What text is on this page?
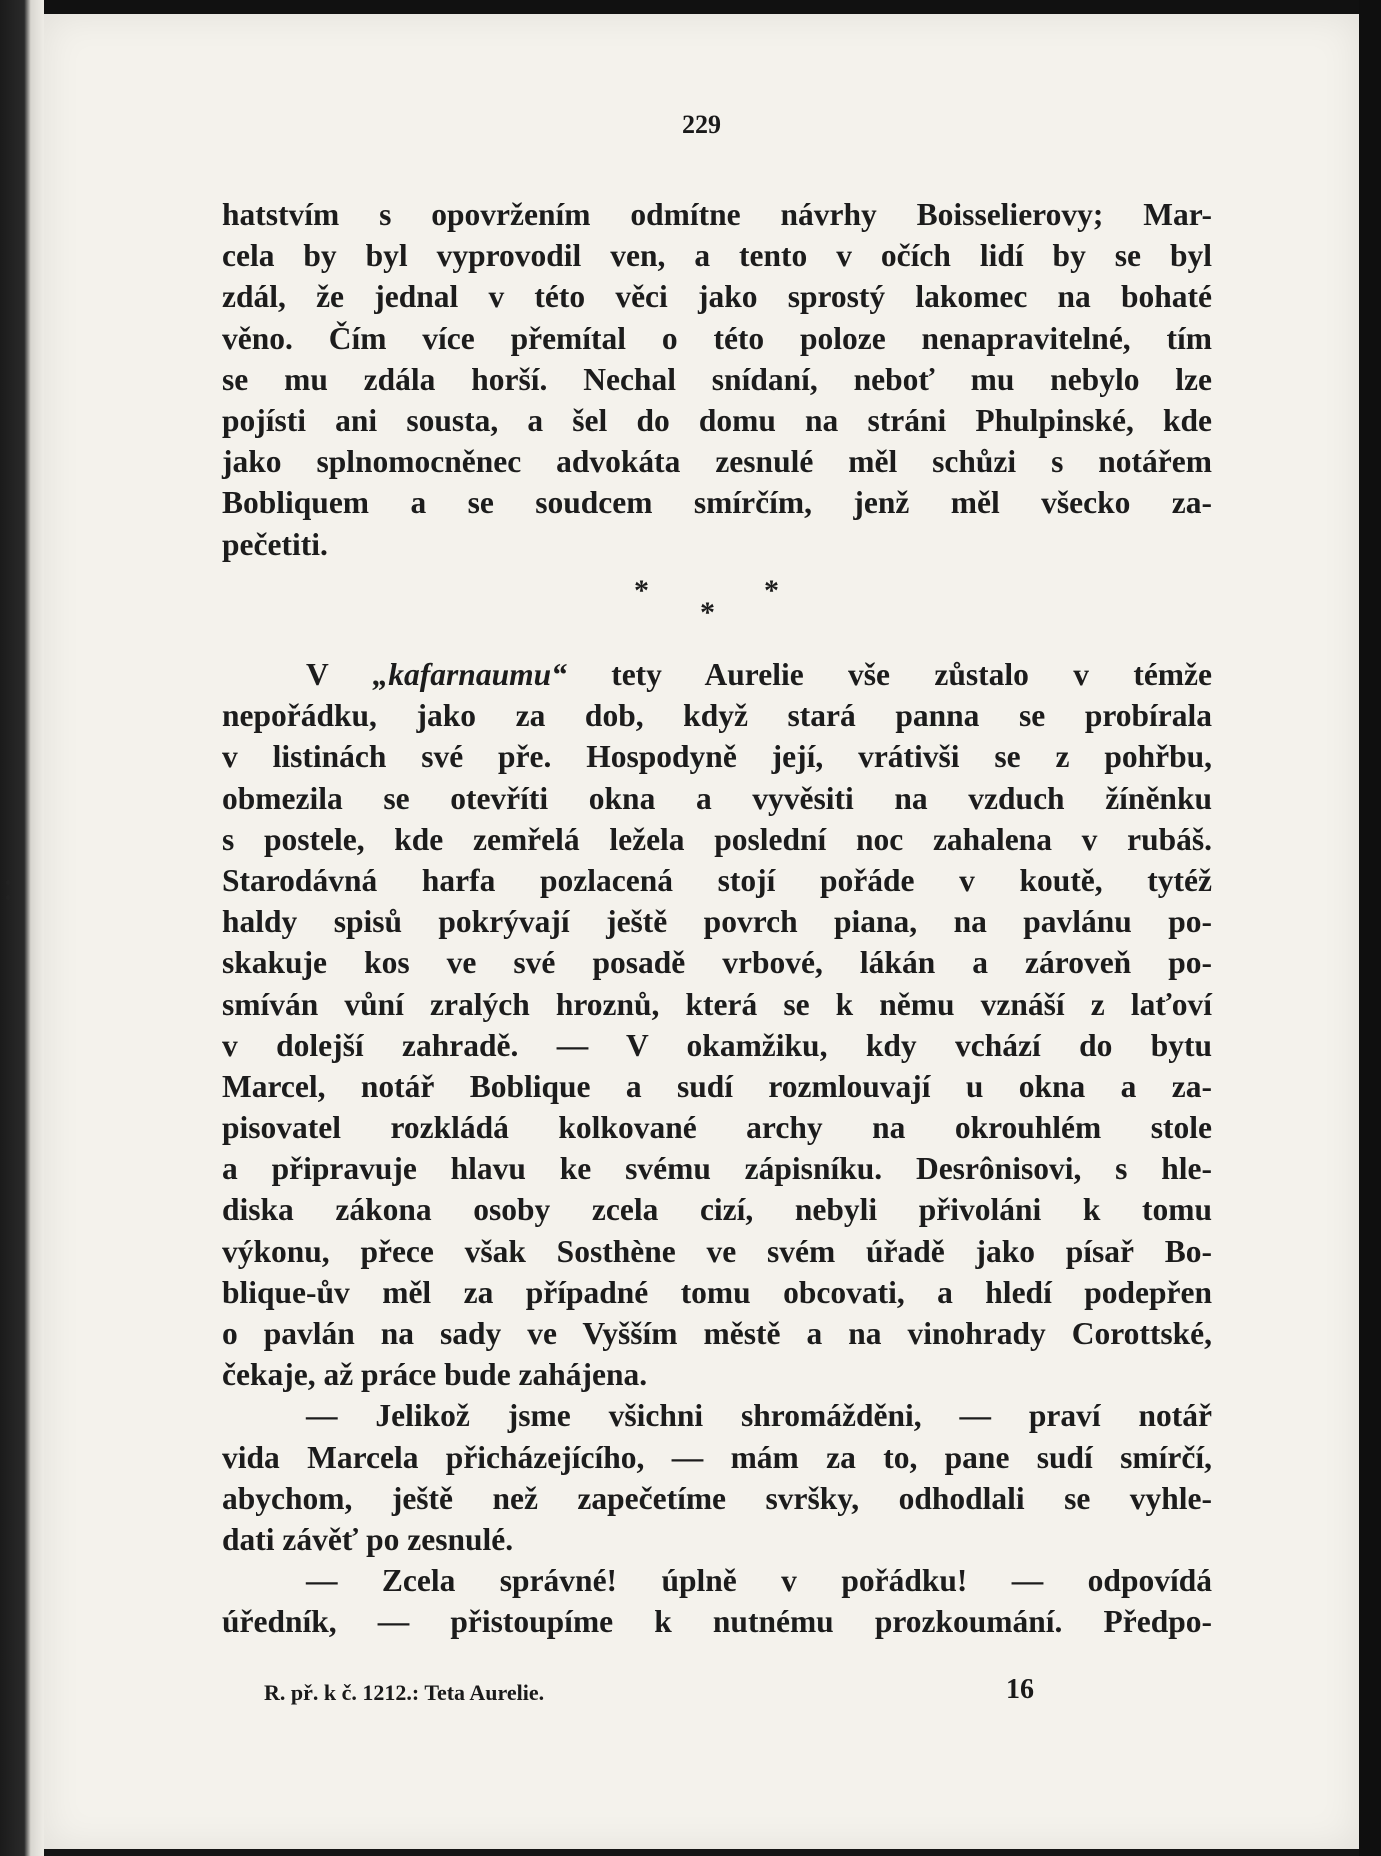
229
hatstvím s opovržením odmítne návrhy Boisselierovy; Mar-
cela by byl vyprovodil ven, a tento v očích lidí by se byl
zdál, že jednal v této věci jako sprostý lakomec na bohaté
věno. Čím více přemítal o této poloze nenapravitelné, tím
se mu zdála horší. Nechal snídaní, neboť mu nebylo lze
pojísti ani sousta, a šel do domu na stráni Phulpinské, kde
jako splnomocněnec advokáta zesnulé měl schůzi s notářem
Bobliquem a se soudcem smírčím, jenž měl všecko za-
pečetiti.
*	*
*
V „kafarnaumu“ tety Aurelie vše zůstalo v témže
nepořádku, jako za dob, když stará panna se probírala
v listinách své pře. Hospodyně její, vrátivši se z pohřbu,
obmezila se otevříti okna a vyvěsiti na vzduch žíněnku
s postele, kde zemřelá ležela poslední noc zahalena v rubáš.
Starodávná harfa pozlacená stojí pořáde v koutě, tytéž
haldy spisů pokrývají ještě povrch piana, na pavlánu po-
skakuje kos ve své posadě vrbové, lákán a zároveň po-
smíván vůní zralých hroznů, která se k němu vznáší z laťoví
v dolejší zahradě. — V okamžiku, kdy vchází do bytu
Marcel, notář Boblique a sudí rozmlouvají u okna a za-
pisovatel rozkládá kolkované archy na okrouhlém stole
a připravuje hlavu ke svému zápisníku. Desrônisovi, s hle-
diska zákona osoby zcela cizí, nebyli přivoláni k tomu
výkonu, přece však Sosthène ve svém úřadě jako písař Bo-
blique-ův měl za případné tomu obcovati, a hledí podepřen
o pavlán na sady ve Vyšším městě a na vinohrady Corottské,
čekaje, až práce bude zahájena.
— Jelikož jsme všichni shromážděni, — praví notář
vida Marcela přicházejícího, — mám za to, pane sudí smírčí,
abychom, ještě než zapečetíme svršky, odhodlali se vyhle-
dati závěť po zesnulé.
— Zcela správné! úplně v pořádku! — odpovídá
úředník, — přistoupíme k nutnému prozkoumání. Předpo-
R. př. k č. 1212.: Teta Aurelie.	16
